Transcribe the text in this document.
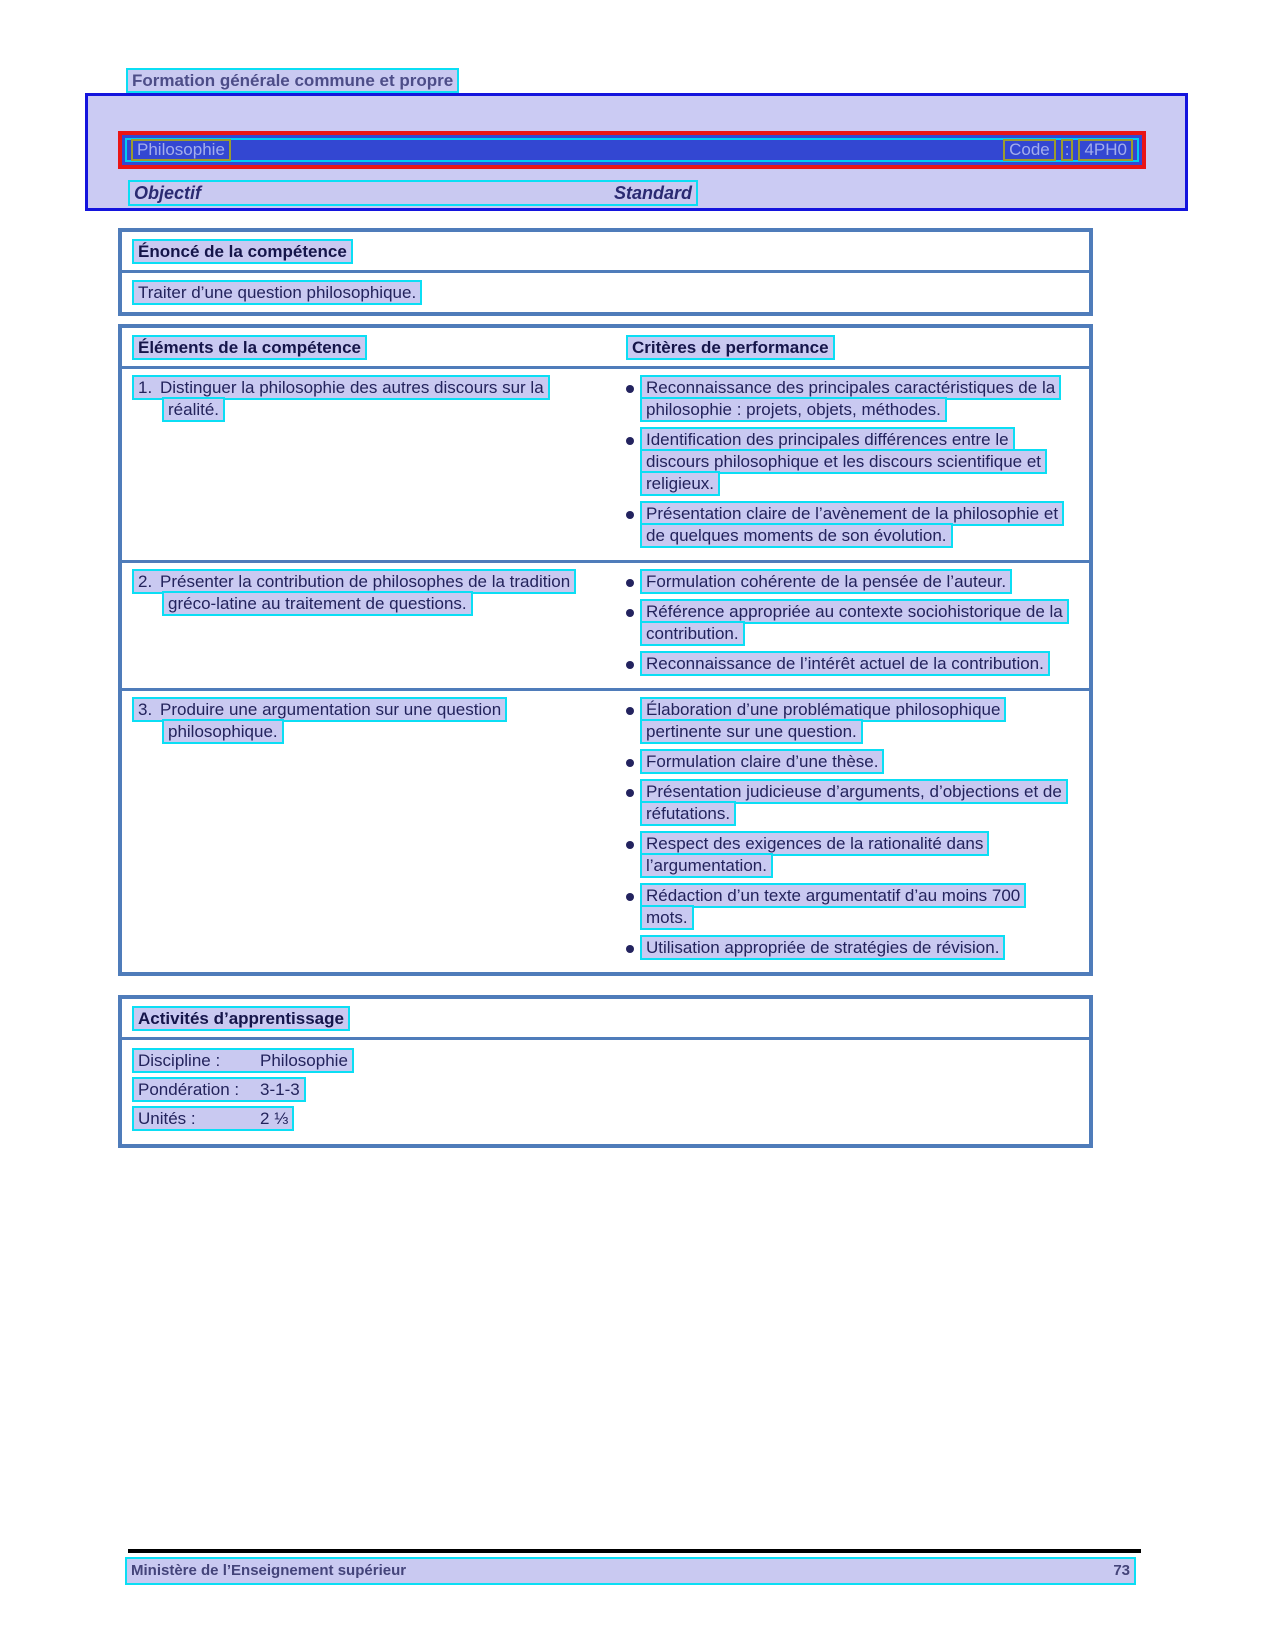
Formation générale commune et propre
Philosophie	Code : 4PH0
Objectif	Standard
Énoncé de la compétence
Traiter d’une question philosophique.
Éléments de la compétence	Critères de performance
1. Distinguer la philosophie des autres discours sur la réalité.
Reconnaissance des principales caractéristiques de la philosophie : projets, objets, méthodes.
Identification des principales différences entre le discours philosophique et les discours scientifique et religieux.
Présentation claire de l’avènement de la philosophie et de quelques moments de son évolution.
2. Présenter la contribution de philosophes de la tradition gréco-latine au traitement de questions.
Formulation cohérente de la pensée de l’auteur.
Référence appropriée au contexte sociohistorique de la contribution.
Reconnaissance de l’intérêt actuel de la contribution.
3. Produire une argumentation sur une question philosophique.
Élaboration d’une problématique philosophique pertinente sur une question.
Formulation claire d’une thèse.
Présentation judicieuse d’arguments, d’objections et de réfutations.
Respect des exigences de la rationalité dans l’argumentation.
Rédaction d’un texte argumentatif d’au moins 700 mots.
Utilisation appropriée de stratégies de révision.
Activités d’apprentissage
Discipline : Philosophie
Pondération : 3-1-3
Unités :	2 ⅓
Ministère de l’Enseignement supérieur	73
